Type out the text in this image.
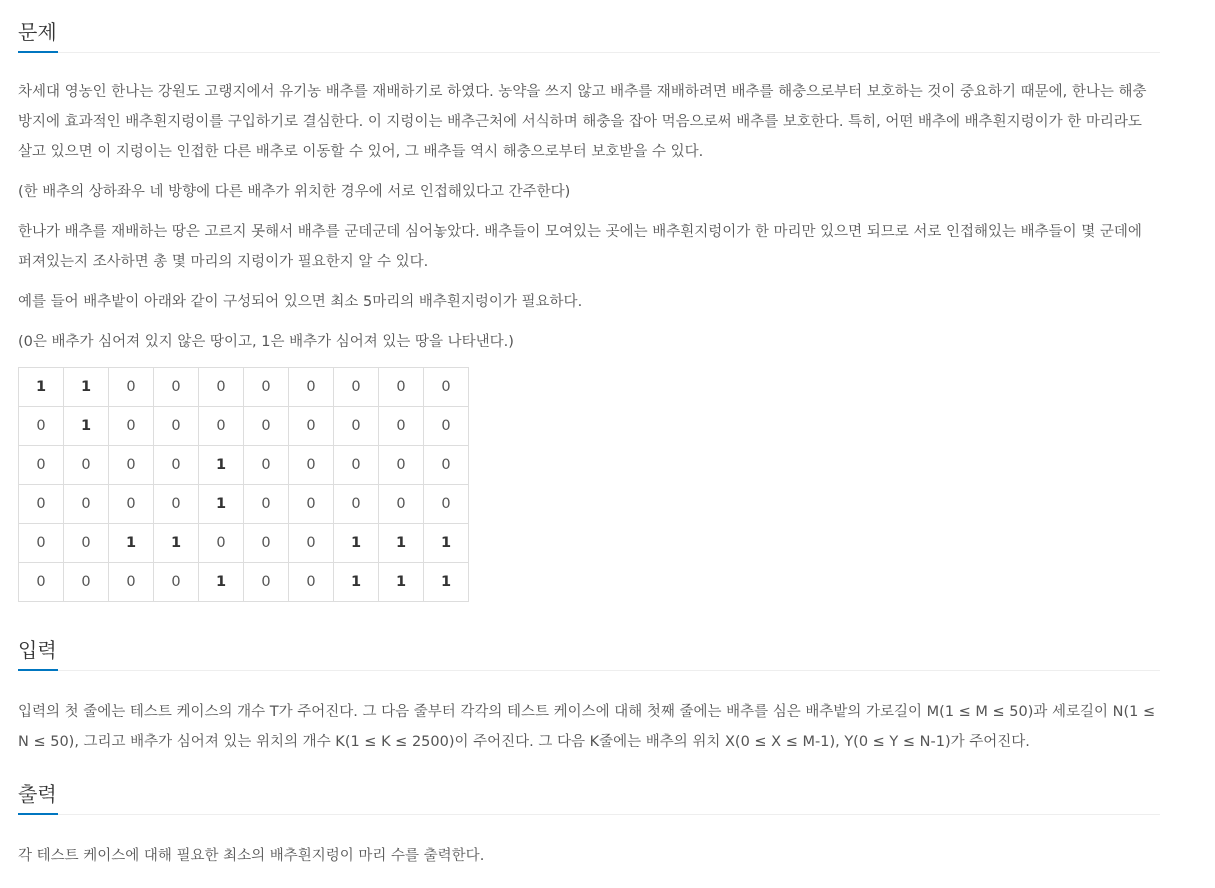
문제

차세대 영농인 한나는 강원도 고랭지에서 유기농 배추를 재배하기로 하였다. 농약을 쓰지 않고 배추를 재배하려면 배추를 해충으로부터 보호하는 것이 중요하기 때문에, 한나는 해충 방지에 효과적인 배추흰지렁이를 구입하기로 결심한다. 이 지렁이는 배추근처에 서식하며 해충을 잡아 먹음으로써 배추를 보호한다. 특히, 어떤 배추에 배추흰지렁이가 한 마리라도 살고 있으면 이 지렁이는 인접한 다른 배추로 이동할 수 있어, 그 배추들 역시 해충으로부터 보호받을 수 있다.

(한 배추의 상하좌우 네 방향에 다른 배추가 위치한 경우에 서로 인접해있다고 간주한다)

한나가 배추를 재배하는 땅은 고르지 못해서 배추를 군데군데 심어놓았다. 배추들이 모여있는 곳에는 배추흰지렁이가 한 마리만 있으면 되므로 서로 인접해있는 배추들이 몇 군데에 퍼져있는지 조사하면 총 몇 마리의 지렁이가 필요한지 알 수 있다.

예를 들어 배추밭이 아래와 같이 구성되어 있으면 최소 5마리의 배추흰지렁이가 필요하다.

(0은 배추가 심어져 있지 않은 땅이고, 1은 배추가 심어져 있는 땅을 나타낸다.)

1	1	0	0	0	0	0	0	0	0
0	1	0	0	0	0	0	0	0	0
0	0	0	0	1	0	0	0	0	0
0	0	0	0	1	0	0	0	0	0
0	0	1	1	0	0	0	1	1	1
0	0	0	0	1	0	0	1	1	1
입력

입력의 첫 줄에는 테스트 케이스의 개수 T가 주어진다. 그 다음 줄부터 각각의 테스트 케이스에 대해 첫째 줄에는 배추를 심은 배추밭의 가로길이 M(1 ≤ M ≤ 50)과 세로길이 N(1 ≤ N ≤ 50), 그리고 배추가 심어져 있는 위치의 개수 K(1 ≤ K ≤ 2500)이 주어진다. 그 다음 K줄에는 배추의 위치 X(0 ≤ X ≤ M-1), Y(0 ≤ Y ≤ N-1)가 주어진다.

출력

각 테스트 케이스에 대해 필요한 최소의 배추흰지렁이 마리 수를 출력한다.
